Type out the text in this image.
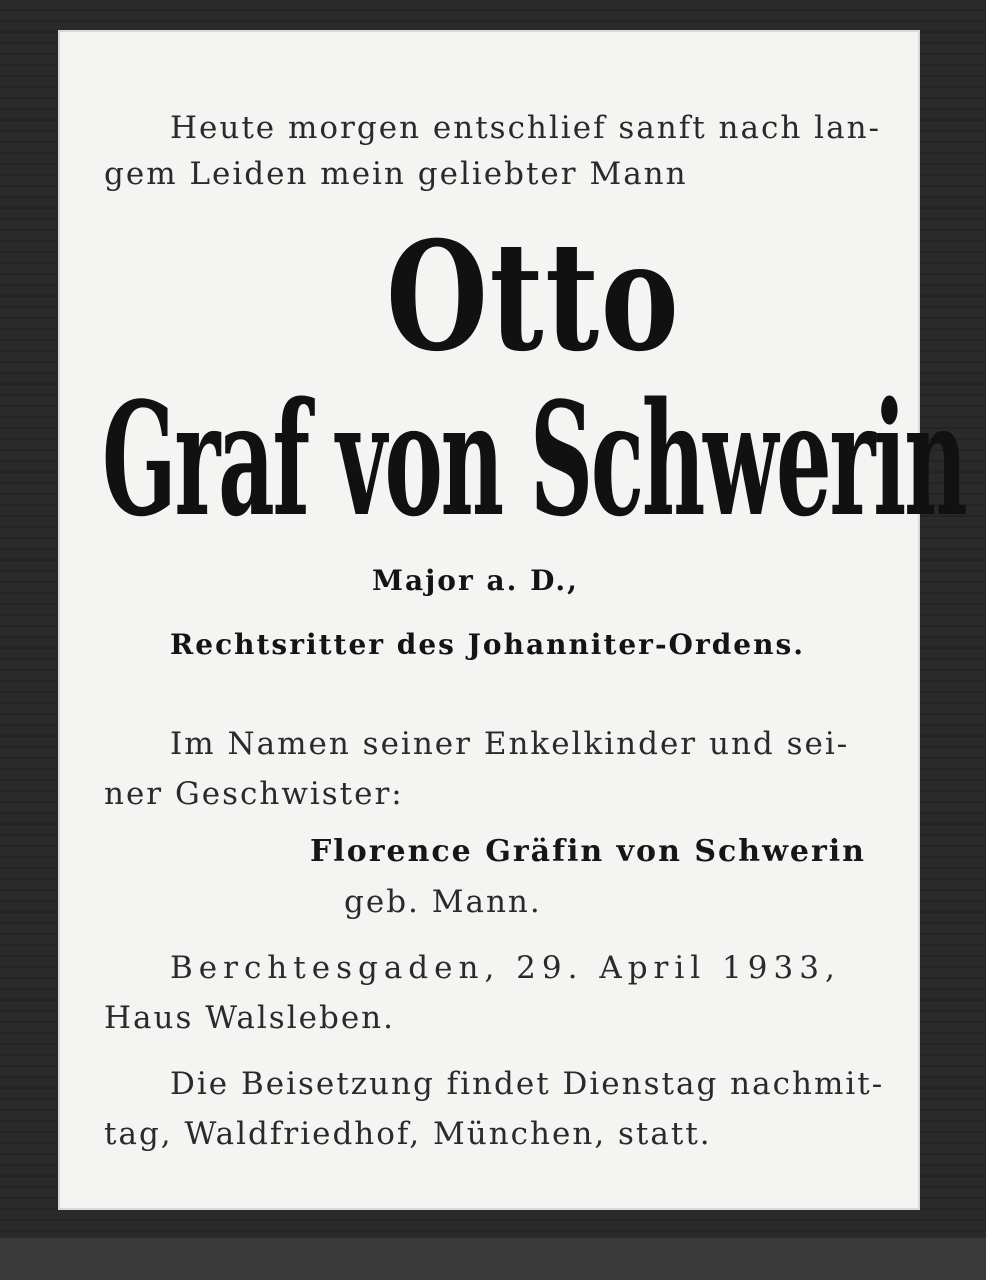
Heute morgen entschlief sanft nach lan-
gem Leiden mein geliebter Mann
Otto
Graf von Schwerin
Major a. D.,
Rechtsritter des Johanniter-Ordens.
Im Namen seiner Enkelkinder und sei-
ner Geschwister:
Florence Gräfin von Schwerin
geb. Mann.
Berchtesgaden, 29. April 1933,
Haus Walsleben.
Die Beisetzung findet Dienstag nachmit-
tag, Waldfriedhof, München, statt.
